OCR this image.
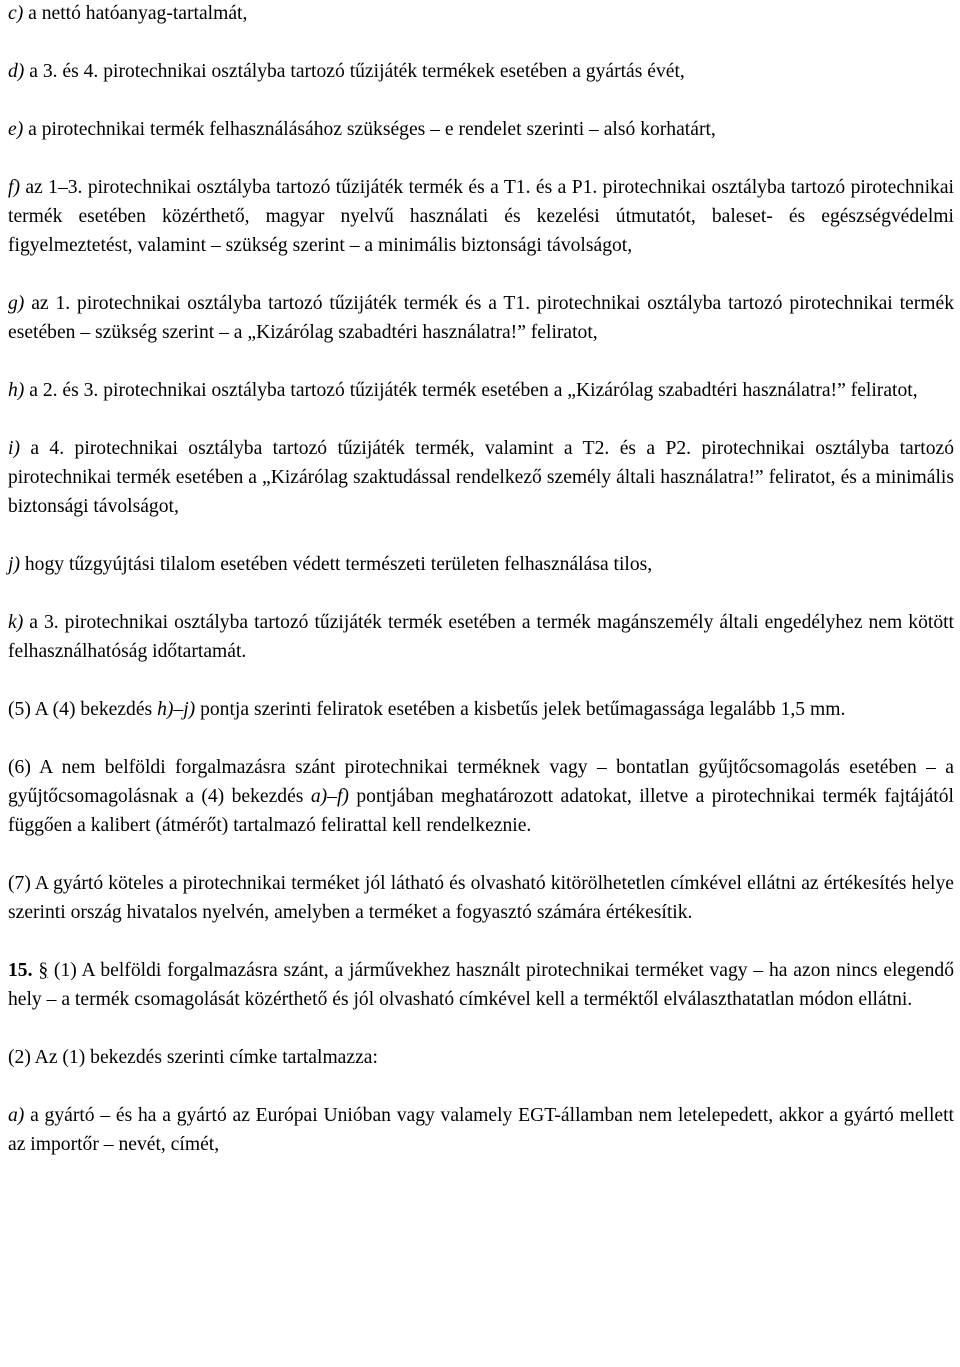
c) a nettó hatóanyag-tartalmát,

d) a 3. és 4. pirotechnikai osztályba tartozó tűzijáték termékek esetében a gyártás évét,

e) a pirotechnikai termék felhasználásához szükséges – e rendelet szerinti – alsó korhatárt,

f) az 1–3. pirotechnikai osztályba tartozó tűzijáték termék és a T1. és a P1. pirotechnikai osztályba tartozó pirotechnikai termék esetében közérthető, magyar nyelvű használati és kezelési útmutatót, baleset- és egészségvédelmi figyelmeztetést, valamint – szükség szerint – a minimális biztonsági távolságot,

g) az 1. pirotechnikai osztályba tartozó tűzijáték termék és a T1. pirotechnikai osztályba tartozó pirotechnikai termék esetében – szükség szerint – a „Kizárólag szabadtéri használatra!” feliratot,

h) a 2. és 3. pirotechnikai osztályba tartozó tűzijáték termék esetében a „Kizárólag szabadtéri használatra!” feliratot,

i) a 4. pirotechnikai osztályba tartozó tűzijáték termék, valamint a T2. és a P2. pirotechnikai osztályba tartozó pirotechnikai termék esetében a „Kizárólag szaktudással rendelkező személy általi használatra!” feliratot, és a minimális biztonsági távolságot,

j) hogy tűzgyújtási tilalom esetében védett természeti területen felhasználása tilos,

k) a 3. pirotechnikai osztályba tartozó tűzijáték termék esetében a termék magánszemély általi engedélyhez nem kötött felhasználhatóság időtartamát.

(5) A (4) bekezdés h)–j) pontja szerinti feliratok esetében a kisbetűs jelek betűmagassága legalább 1,5 mm.

(6) A nem belföldi forgalmazásra szánt pirotechnikai terméknek vagy – bontatlan gyűjtőcsomagolás esetében – a gyűjtőcsomagolásnak a (4) bekezdés a)–f) pontjában meghatározott adatokat, illetve a pirotechnikai termék fajtájától függően a kalibert (átmérőt) tartalmazó felirattal kell rendelkeznie.

(7) A gyártó köteles a pirotechnikai terméket jól látható és olvasható kitörölhetetlen címkével ellátni az értékesítés helye szerinti ország hivatalos nyelvén, amelyben a terméket a fogyasztó számára értékesítik.

15. § (1) A belföldi forgalmazásra szánt, a járművekhez használt pirotechnikai terméket vagy – ha azon nincs elegendő hely – a termék csomagolását közérthető és jól olvasható címkével kell a terméktől elválaszthatatlan módon ellátni.

(2) Az (1) bekezdés szerinti címke tartalmazza:

a) a gyártó – és ha a gyártó az Európai Unióban vagy valamely EGT-államban nem letelepedett, akkor a gyártó mellett az importőr – nevét, címét,
